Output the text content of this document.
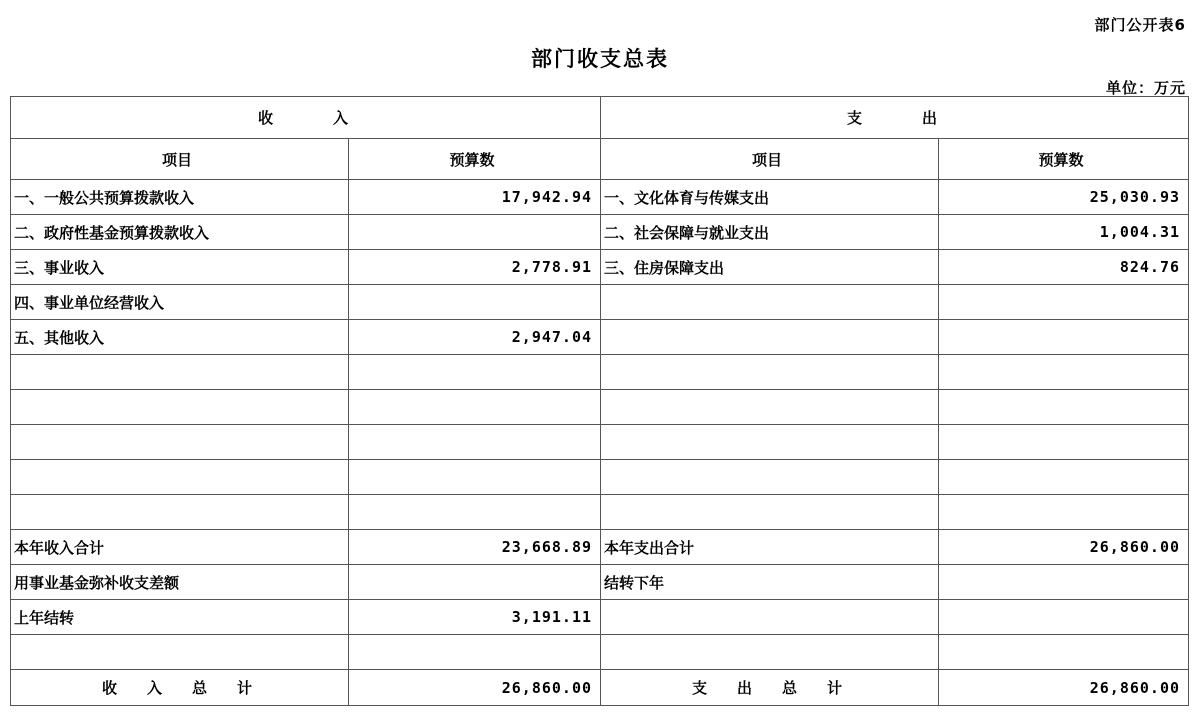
部门公开表6
部门收支总表
单位：万元
收　　　　入		支　　　　出	
项目	预算数	项目	预算数
一、一般公共预算拨款收入	17,942.94	一、文化体育与传媒支出	25,030.93
二、政府性基金预算拨款收入		二、社会保障与就业支出	1,004.31
三、事业收入	2,778.91	三、住房保障支出	824.76
四、事业单位经营收入			
五、其他收入	2,947.04		

本年收入合计	23,668.89	本年支出合计	26,860.00
用事业基金弥补收支差额		结转下年	
上年结转	3,191.11		

收　　入　　总　　计	26,860.00	支　　出　　总　　计	26,860.00
